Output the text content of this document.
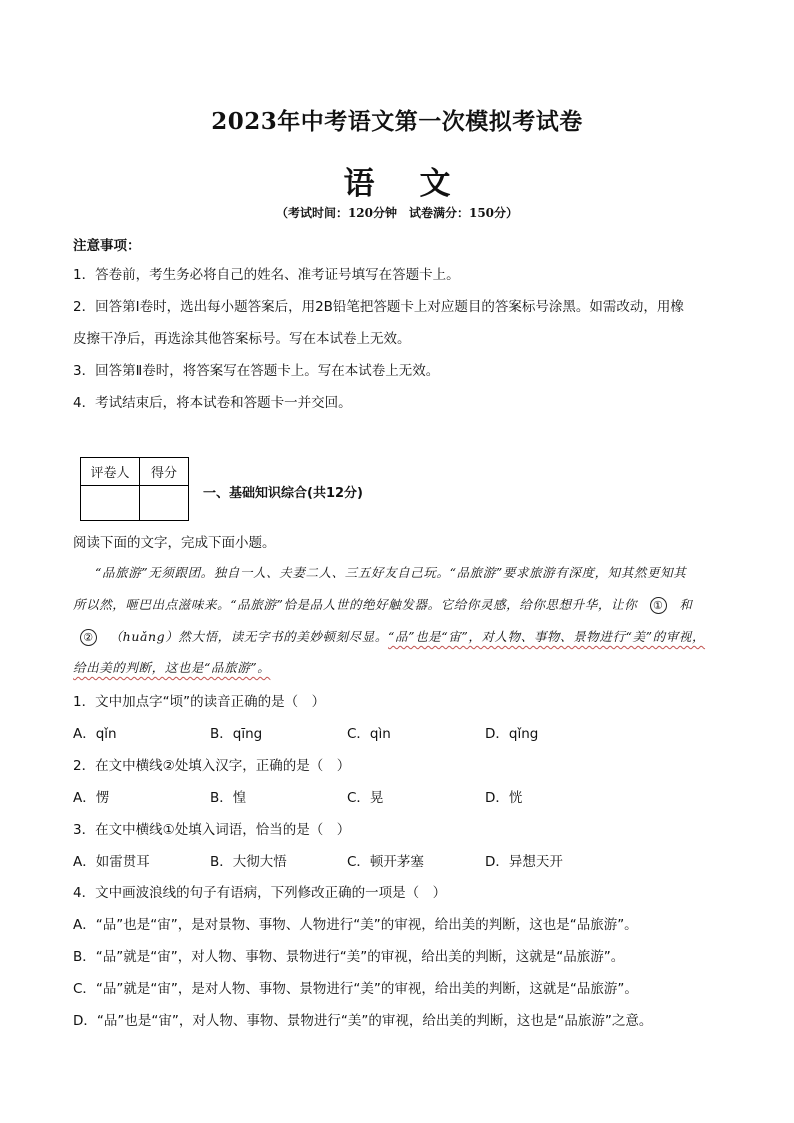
2023年中考语文第一次模拟考试卷
语文
（考试时间：120分钟　试卷满分：150分）
注意事项：
1．答卷前，考生务必将自己的姓名、准考证号填写在答题卡上。
2．回答第Ⅰ卷时，选出每小题答案后，用2B铅笔把答题卡上对应题目的答案标号涂黑。如需改动，用橡
皮擦干净后，再选涂其他答案标号。写在本试卷上无效。
3．回答第Ⅱ卷时，将答案写在答题卡上。写在本试卷上无效。
4．考试结束后，将本试卷和答题卡一并交回。
评卷人	得分

一、基础知识综合(共12分)
阅读下面的文字，完成下面小题。
“品旅游”无须跟团。独自一人、夫妻二人、三五好友自己玩。“品旅游”要求旅游有深度，知其然更知其
所以然，咂巴出点滋味来。“品旅游”恰是品人世的绝好触发器。它给你灵感，给你思想升华，让你 ① 和
② （huǎng）然大悟，读无字书的美妙顿刻尽显。“品”也是“宙”，对人物、事物、景物进行“美”的审视，
给出美的判断，这也是“品旅游”。
1．文中加点字“顷”的读音正确的是（　）
A．qǐn	B．qīng	C．qìn	D．qǐng
2．在文中横线②处填入汉字，正确的是（　）
A．愣	B．惶	C．晃	D．恍
3．在文中横线①处填入词语，恰当的是（　）
A．如雷贯耳	B．大彻大悟	C．顿开茅塞	D．异想天开
4．文中画波浪线的句子有语病，下列修改正确的一项是（　）
A．“品”也是“宙”，是对景物、事物、人物进行“美”的审视，给出美的判断，这也是“品旅游”。
B．“品”就是“宙”，对人物、事物、景物进行“美”的审视，给出美的判断，这就是“品旅游”。
C．“品”就是“宙”，是对人物、事物、景物进行“美”的审视，给出美的判断，这就是“品旅游”。
D．“品”也是“宙”，对人物、事物、景物进行“美”的审视，给出美的判断，这也是“品旅游”之意。
